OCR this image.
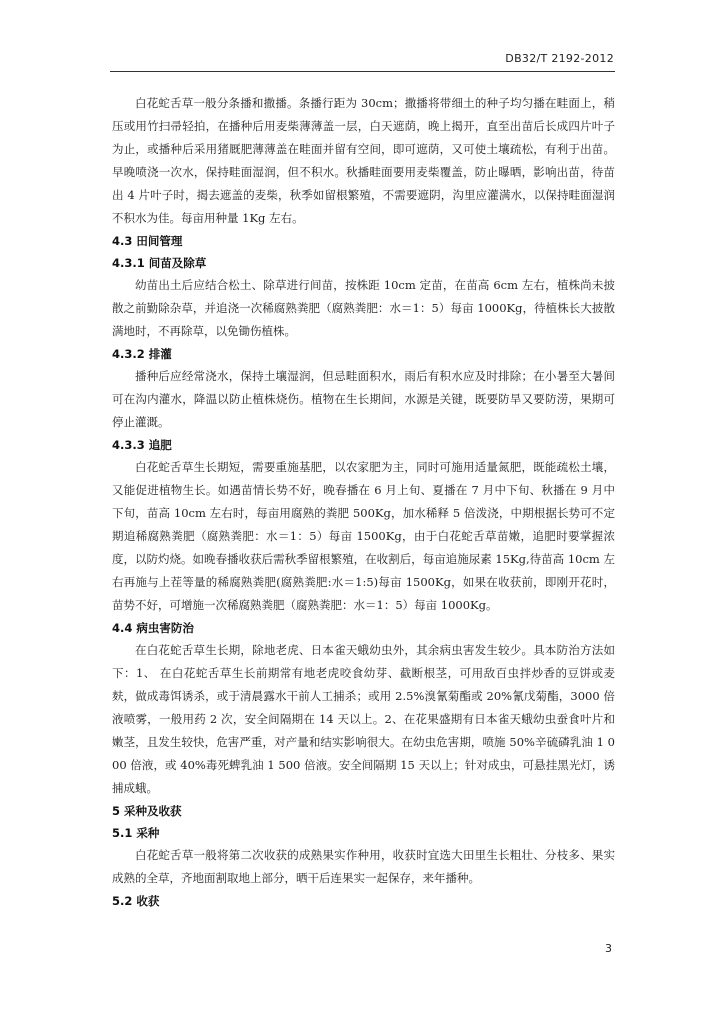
DB32/T 2192-2012

白花蛇舌草一般分条播和撒播。条播行距为 30cm；撒播将带细土的种子均匀播在畦面上，稍压或用竹扫帚轻拍，在播种后用麦柴薄薄盖一层，白天遮荫，晚上揭开，直至出苗后长成四片叶子为止，或播种后采用猪厩肥薄薄盖在畦面并留有空间，即可遮荫，又可使土壤疏松，有利于出苗。早晚喷浇一次水，保持畦面湿润，但不积水。秋播畦面要用麦柴覆盖，防止曝晒，影响出苗，待苗出 4 片叶子时，揭去遮盖的麦柴，秋季如留根繁殖，不需要遮阴，沟里应灌满水，以保持畦面湿润不积水为佳。每亩用种量 1Kg 左右。

4.3 田间管理

4.3.1 间苗及除草

幼苗出土后应结合松土、除草进行间苗，按株距 10cm 定苗，在苗高 6cm 左右，植株尚未披散之前勤除杂草，并追浇一次稀腐熟粪肥（腐熟粪肥：水＝1：5）每亩 1000Kg，待植株长大披散满地时，不再除草，以免锄伤植株。

4.3.2 排灌

播种后应经常浇水，保持土壤湿润，但忌畦面积水，雨后有积水应及时排除；在小暑至大暑间可在沟内灌水，降温以防止植株烧伤。植物在生长期间，水源是关键，既要防旱又要防涝，果期可停止灌溉。

4.3.3 追肥

白花蛇舌草生长期短，需要重施基肥，以农家肥为主，同时可施用适量氮肥，既能疏松土壤，又能促进植物生长。如遇苗情长势不好，晚春播在 6 月上旬、夏播在 7 月中下旬、秋播在 9 月中下旬，苗高 10cm 左右时，每亩用腐熟的粪肥 500Kg，加水稀释 5 倍泼浇，中期根据长势可不定期追稀腐熟粪肥（腐熟粪肥：水＝1：5）每亩 1500Kg，由于白花蛇舌草苗嫩，追肥时要掌握浓度，以防灼烧。如晚春播收获后需秋季留根繁殖，在收割后，每亩追施尿素 15Kg,待苗高 10cm 左右再施与上茬等量的稀腐熟粪肥(腐熟粪肥:水＝1:5)每亩 1500Kg，如果在收获前，即刚开花时，苗势不好，可增施一次稀腐熟粪肥（腐熟粪肥：水＝1：5）每亩 1000Kg。

4.4 病虫害防治

在白花蛇舌草生长期，除地老虎、日本雀天蛾幼虫外，其余病虫害发生较少。具本防治方法如下：1、 在白花蛇舌草生长前期常有地老虎咬食幼芽、截断根茎，可用敌百虫拌炒香的豆饼或麦麸，做成毒饵诱杀，或于清晨露水干前人工捕杀；或用 2.5%溴氰菊酯或 20%氰戊菊酯，3000 倍液喷雾，一般用药 2 次，安全间隔期在 14 天以上。2、在花果盛期有日本雀天蛾幼虫蚕食叶片和嫩茎，且发生较快，危害严重，对产量和结实影响很大。在幼虫危害期，喷施 50%辛硫磷乳油 1 000 倍液，或 40%毒死蜱乳油 1 500 倍液。安全间隔期 15 天以上；针对成虫，可悬挂黑光灯，诱捕成蛾。

5 采种及收获

5.1 采种

白花蛇舌草一般将第二次收获的成熟果实作种用，收获时宜选大田里生长粗壮、分枝多、果实成熟的全草，齐地面割取地上部分，晒干后连果实一起保存，来年播种。

5.2 收获

3
